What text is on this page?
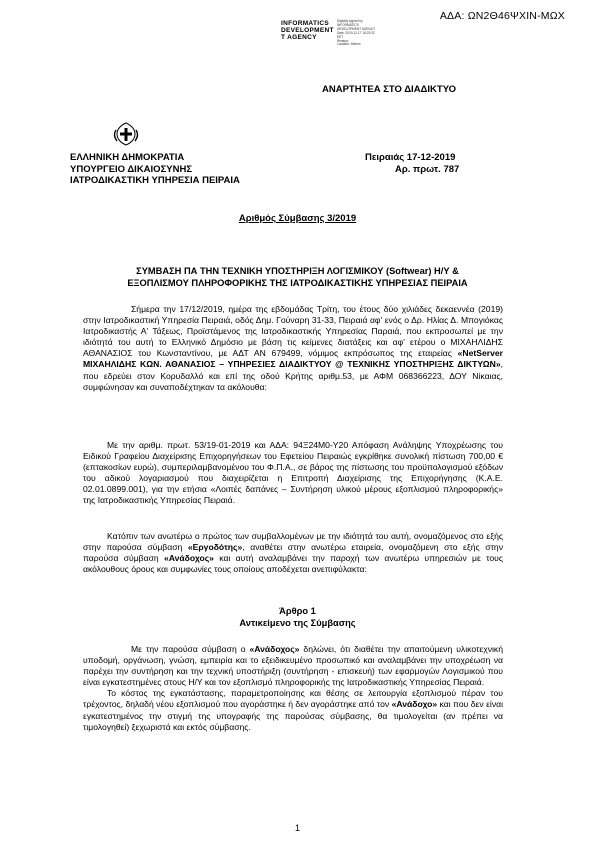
ΑΔΑ: ΩΝ2Θ46ΨΧΙΝ-ΜΩΧ
INFORMATICS
DEVELOPMENT
T AGENCY
Digitally signed by
INFORMATICS
DEVELOPMENT AGENCY
Date: 2019.12.17 15:23:32
EET
Reason:
Location: Athens
ΑΝΑΡΤΗΤΕΑ ΣΤΟ ΔΙΑΔΙΚΤΥΟ
ΕΛΛΗΝΙΚΗ ΔΗΜΟΚΡΑΤΙΑ
ΥΠΟΥΡΓΕΙΟ ΔΙΚΑΙΟΣΥΝΗΣ
ΙΑΤΡΟΔΙΚΑΣΤΙΚΗ ΥΠΗΡΕΣΙΑ ΠΕΙΡΑΙΑ
Πειραιάς 17-12-2019
Αρ. πρωτ. 787
Αριθμός Σύμβασης 3/2019
ΣΥΜΒΑΣΗ ΠΑ ΤΗΝ ΤΕΧΝΙΚΗ ΥΠΟΣΤΗΡΙΞΗ ΛΟΓΙΣΜΙΚΟΥ (Softwear) Η/Υ &
ΕΞΟΠΛΙΣΜΟΥ ΠΛΗΡΟΦΟΡΙΚΗΣ ΤΗΣ ΙΑΤΡΟΔΙΚΑΣΤΙΚΗΣ ΥΠΗΡΕΣΙΑΣ ΠΕΙΡΑΙΑ

Σήμερα την 17/12/2019, ημέρα της εβδομάδας Τρίτη, του έτους δύο χιλιάδες δεκαεννέα (2019) στην Ιατροδικαστική Υπηρεσία Πειραιά, οδός Δημ. Γούναρη 31-33, Πειραιά αφ' ενός ο Δρ. Ηλίας Δ. Μπογιόκας Ιατροδικαστής Α' Τάξεως, Προϊστάμενος της Ιατροδικαστικής Υπηρεσίας Παραιά, που εκπροσωπεί με την ιδιότητά του αυτή το Ελληνικό Δημόσιο με βάση τις κείμενες διατάξεις και αφ' ετέρου ο ΜΙΧΑΗΛΙΔΗΣ ΑΘΑΝΑΣΙΟΣ του Κωνσταντίνου, με ΑΔΤ ΑΝ 679499, νόμιμος εκπρόσωπος της εταιρείας «NetServer ΜΙΧΑΗΛΙΔΗΣ ΚΩΝ. ΑΘΑΝΑΣΙΟΣ – ΥΠΗΡΕΣΙΕΣ ΔΙΑΔΙΚΤΥΟΥ @ ΤΕΧΝΙΚΗΣ ΥΠΟΣΤΗΡΙΞΗΣ ΔΙΚΤΥΩΝ», που εδρεύει στον Κορυδαλλό και επί της οδού Κρήτης αριθμ.53, με ΑΦΜ 068366223, ΔΟΥ Νίκαιας, συμφώνησαν και συναποδέχτηκαν τα ακόλουθα:

Με την αριθμ. πρωτ. 53/19-01-2019 και ΑΔΑ: 94Ξ24Μ0-Υ20 Απόφαση Ανάληψης Υποχρέωσης του Ειδικού Γραφείου Διαχείρισης Επιχορηγήσεων του Εφετείου Πειραιώς εγκρίθηκε συνολική πίστωση 700,00 € (επτακοσίων ευρώ), συμπεριλαμβανομένου του Φ.Π.Α., σε βάρος της πίστωσης του προϋπολογισμού εξόδων του αδικού λογαριασμού που διαχειρίζεται η Επιτροπή Διαχείρισης της Επιχορήγησης (Κ.Α.Ε. 02.01.0899.001), για την ετήσια «Λοιπές δαπάνες – Συντήρηση υλικού μέρους εξοπλισμού πληροφορικής» της Ιατροδικαστικής Υπηρεσίας Πειραιά.

Κατόπιν των ανωτέρω ο πρώτος των συμβαλλομένων με την ιδιότητά του αυτή, ονομαζόμενος στο εξής στην παρούσα σύμβαση «Εργοδότης», αναθέτει στην ανωτέρω εταιρεία, ονομαζόμενη στο εξής στην παρούσα σύμβαση «Ανάδοχος» και αυτή αναλαμβάνει την παροχή των ανωτέρω υπηρεσιών με τους ακόλουθους όρους και συμφωνίες τους οποίους αποδέχεται ανεπιφύλακτα:

Άρθρο 1
Αντικείμενο της Σύμβασης

Με την παρούσα σύμβαση ο «Ανάδοχος» δηλώνει, ότι διαθέτει την απαιτούμενη υλικοτεχνική υποδομή, οργάνωση, γνώση, εμπειρία και το εξειδικευμένο προσωπικό και αναλαμβάνει την υποχρέωση να παρέχει την συντήρηση και την τεχνική υποστήριξη (συντήρηση - επισκευή) των εφαρμογών Λογισμικού που είναι εγκατεστημένες στους Η/Υ και τον εξοπλισμό πληροφορικής της Ιατροδικαστικής Υπηρεσίας Πειραιά.

Το κόστος της εγκατάστασης, παραμετροποίησης και θέσης σε λειτουργία εξοπλισμού πέραν του τρέχοντος, δηλαδή νέου εξοπλισμού που αγοράστηκε ή δεν αγοράστηκε από τον «Ανάδοχο» και που δεν είναι εγκατεστημένος την στιγμή της υπογραφής της παρούσας σύμβασης, θα τιμολογείται (αν πρέπει να τιμολογηθεί) ξεχωριστά και εκτός σύμβασης.

1
